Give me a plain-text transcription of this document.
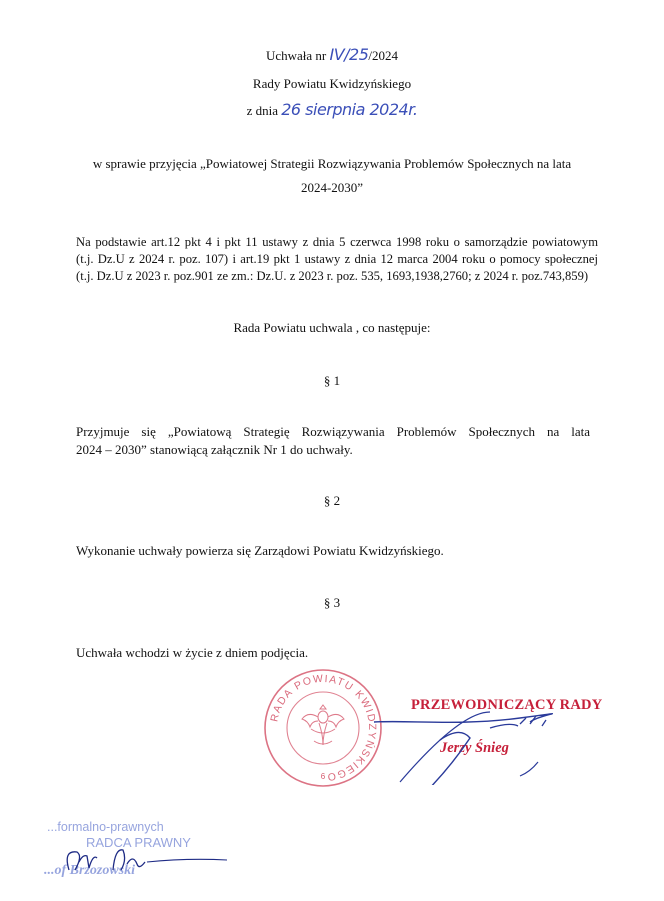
Uchwała nr IV/25/2024
Rady Powiatu Kwidzyńskiego
z dnia 26 sierpnia 2024r.
w sprawie przyjęcia „Powiatowej Strategii Rozwiązywania Problemów Społecznych na lata
2024-2030”
Na podstawie art.12 pkt 4 i pkt 11 ustawy z dnia 5 czerwca 1998 roku o samorządzie powiatowym
(t.j. Dz.U z 2024 r. poz. 107) i art.19 pkt 1 ustawy z dnia 12 marca 2004 roku o pomocy społecznej
(t.j. Dz.U z 2023 r. poz.901 ze zm.: Dz.U. z 2023 r. poz. 535, 1693,1938,2760; z 2024 r. poz.743,859)
Rada Powiatu uchwala , co następuje:
§ 1
Przyjmuje się „Powiatową Strategię Rozwiązywania Problemów Społecznych na lata
2024 – 2030” stanowiącą załącznik Nr 1 do uchwały.
§ 2
Wykonanie uchwały powierza się Zarządowi Powiatu Kwidzyńskiego.
§ 3
Uchwała wchodzi w życie z dniem podjęcia.
RADA POWIATU KWIDZYŃSKIEGO
6
PRZEWODNICZĄCY RADY
Jerzy Śnieg
...formalno-prawnych
RADCA PRAWNY
...of Brzozowski
